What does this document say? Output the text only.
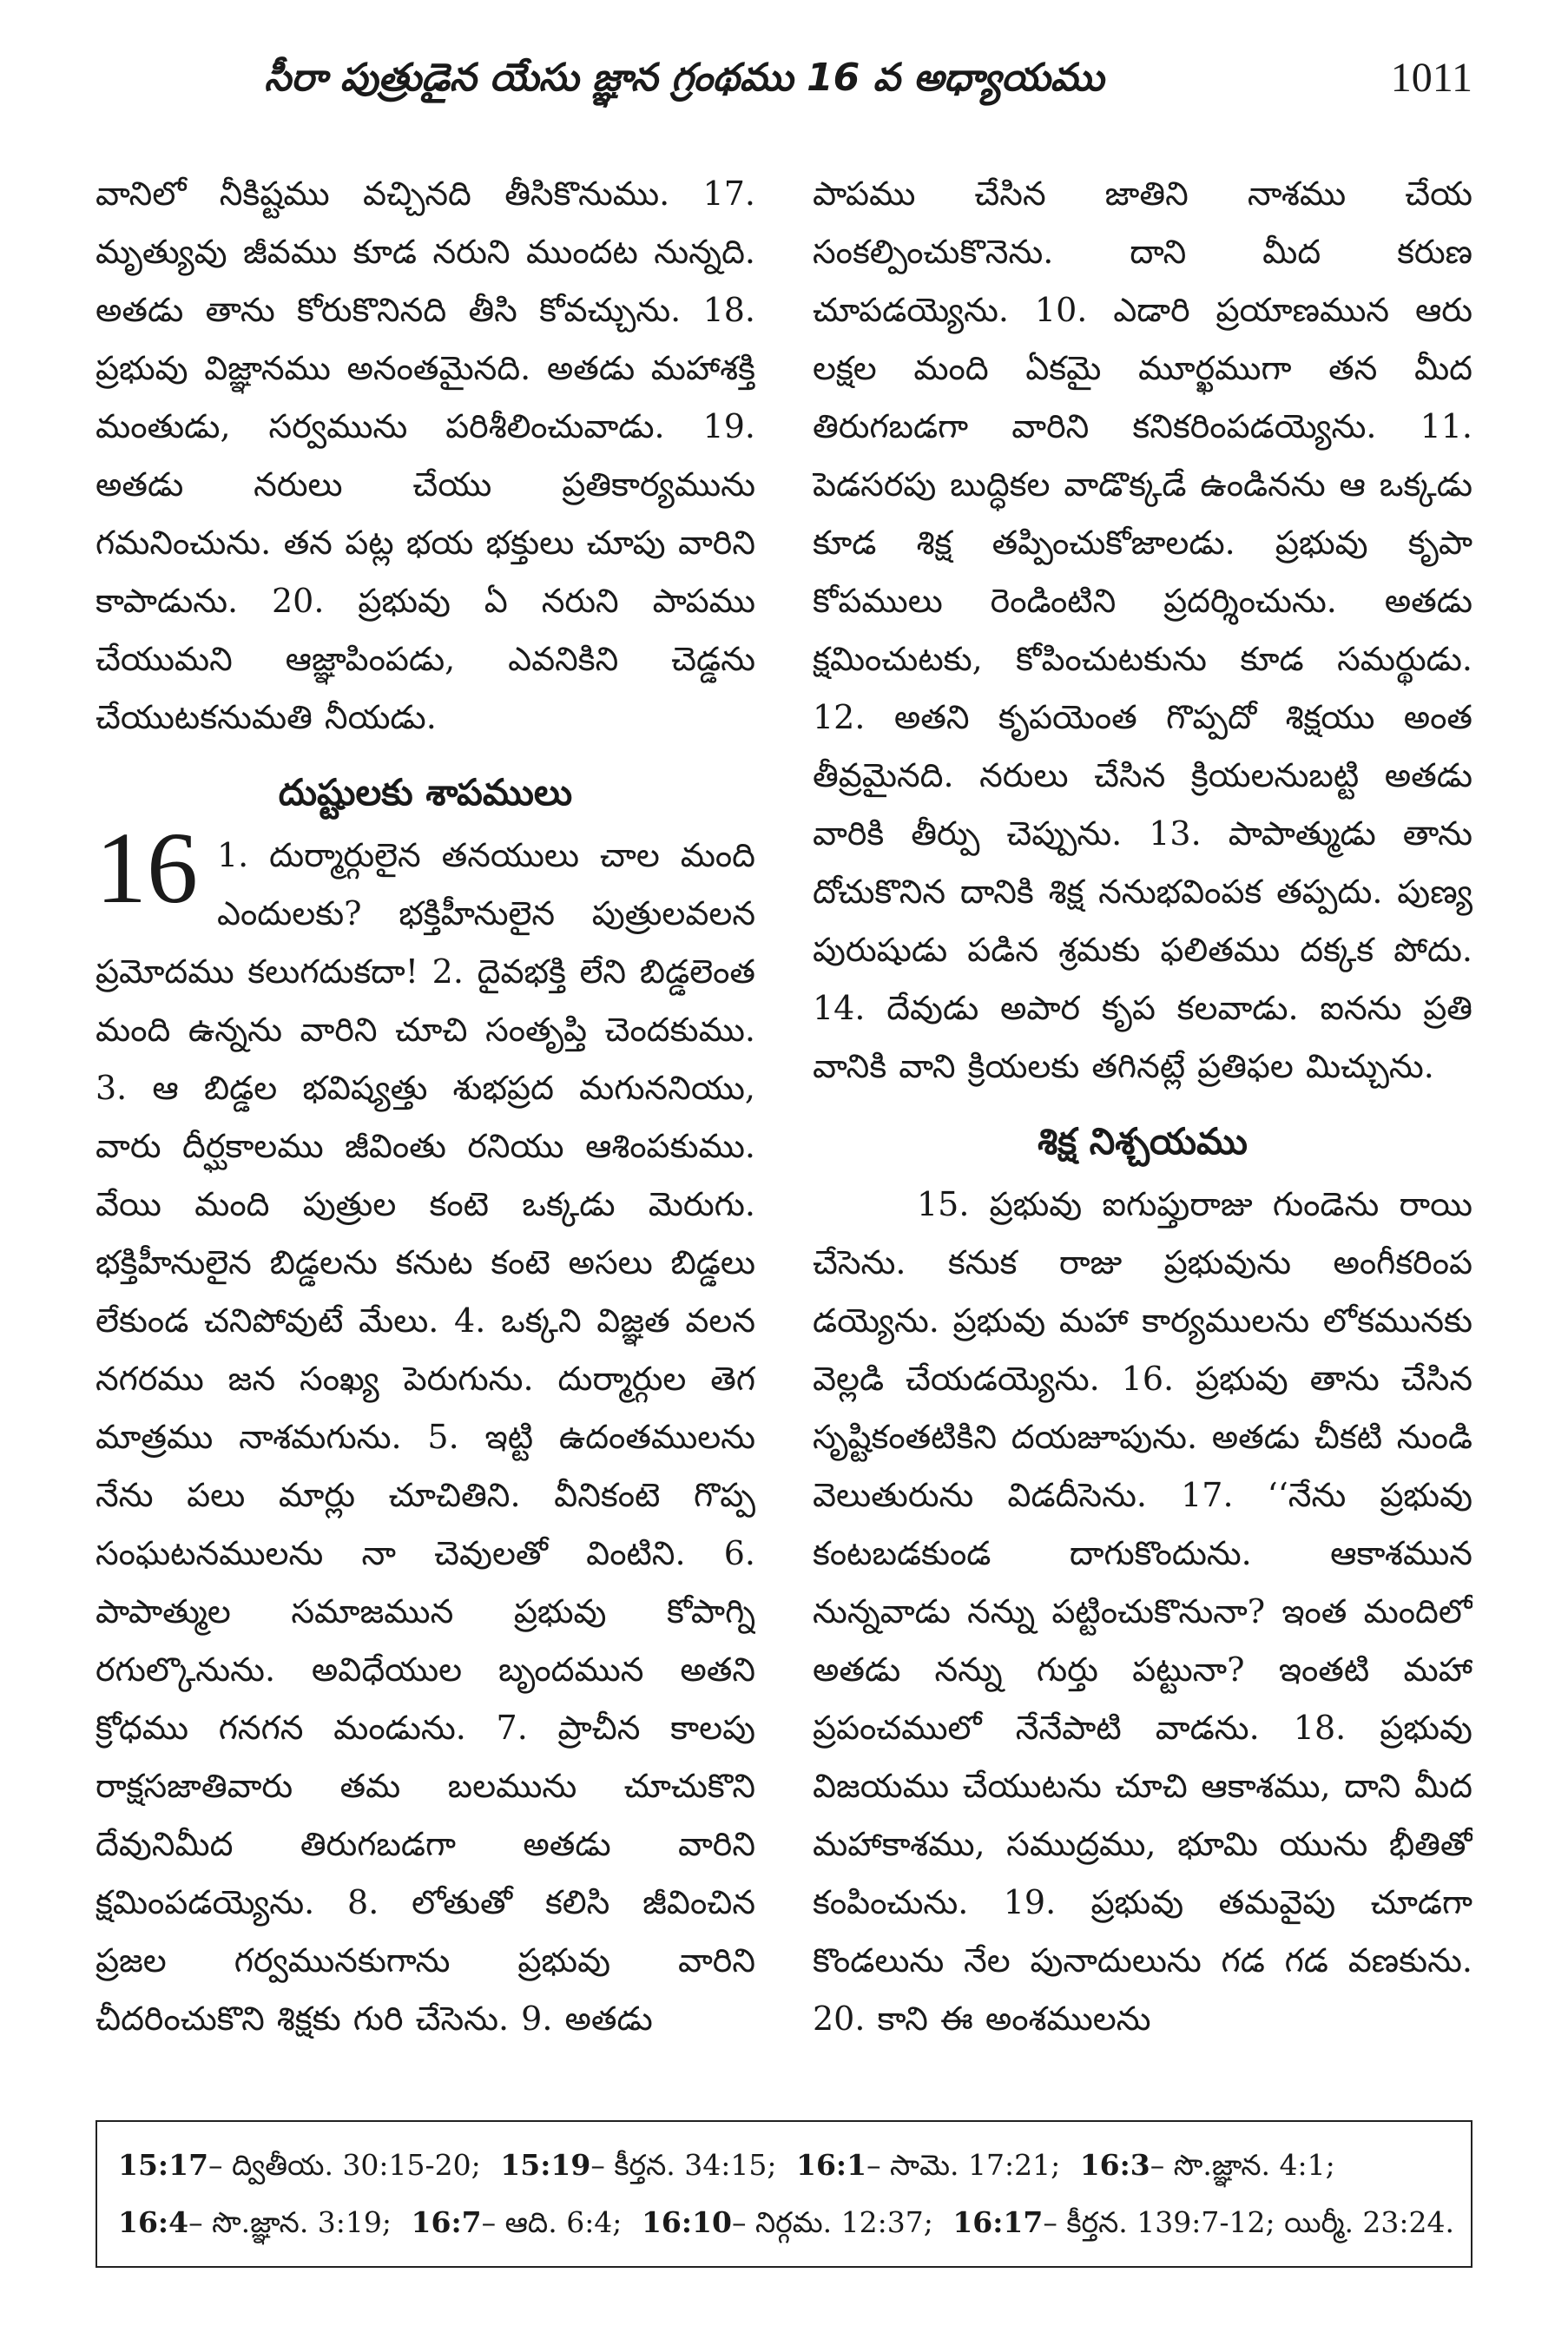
సీరా పుత్రుడైన యేసు జ్ఞాన గ్రంథము 16 వ అధ్యాయము	1011

వానిలో నీకిష్టము వచ్చినది తీసికొనుము. 17. మృత్యువు జీవము కూడ నరుని ముందట నున్నది. అతడు తాను కోరుకొనినది తీసి కోవచ్చును. 18. ప్రభువు విజ్ఞానము అనంతమైనది. అతడు మహాశక్తి మంతుడు, సర్వమును పరిశీలించువాడు. 19. అతడు నరులు చేయు ప్రతికార్యమును గమనించును. తన పట్ల భయ భక్తులు చూపు వారిని కాపాడును. 20. ప్రభువు ఏ నరుని పాపము చేయుమని ఆజ్ఞాపింపడు, ఎవనికిని చెడ్డను చేయుటకనుమతి నీయడు.

దుష్టులకు శాపములు

16 1. దుర్మార్గులైన తనయులు చాల మంది ఎందులకు? భక్తిహీనులైన పుత్రులవలన ప్రమోదము కలుగదుకదా! 2. దైవభక్తి లేని బిడ్డలెంత మంది ఉన్నను వారిని చూచి సంతృప్తి చెందకుము. 3. ఆ బిడ్డల భవిష్యత్తు శుభప్రద మగుననియు, వారు దీర్ఘకాలము జీవింతు రనియు ఆశింపకుము. వేయి మంది పుత్రుల కంటె ఒక్కడు మెరుగు. భక్తిహీనులైన బిడ్డలను కనుట కంటె అసలు బిడ్డలు లేకుండ చనిపోవుటే మేలు. 4. ఒక్కని విజ్ఞత వలన నగరము జన సంఖ్య పెరుగును. దుర్మార్గుల తెగ మాత్రము నాశమగును. 5. ఇట్టి ఉదంతములను నేను పలు మార్లు చూచితిని. వీనికంటె గొప్ప సంఘటనములను నా చెవులతో వింటిని. 6. పాపాత్ముల సమాజమున ప్రభువు కోపాగ్ని రగుల్కొనును. అవిధేయుల బృందమున అతని క్రోధము గనగన మండును. 7. ప్రాచీన కాలపు రాక్షసజాతివారు తమ బలమును చూచుకొని దేవునిమీద తిరుగబడగా అతడు వారిని క్షమింపడయ్యెను. 8. లోతుతో కలిసి జీవించిన ప్రజల గర్వమునకుగాను ప్రభువు వారిని చీదరించుకొని శిక్షకు గురి చేసెను. 9. అతడు

పాపము చేసిన జాతిని నాశము చేయ సంకల్పించుకొనెను. దాని మీద కరుణ చూపడయ్యెను. 10. ఎడారి ప్రయాణమున ఆరు లక్షల మంది ఏకమై మూర్ఖముగా తన మీద తిరుగబడగా వారిని కనికరింపడయ్యెను. 11. పెడసరపు బుద్ధికల వాడొక్కడే ఉండినను ఆ ఒక్కడు కూడ శిక్ష తప్పించుకోజాలడు. ప్రభువు కృపా కోపములు రెండింటిని ప్రదర్శించును. అతడు క్షమించుటకు, కోపించుటకును కూడ సమర్థుడు. 12. అతని కృపయెంత గొప్పదో శిక్షయు అంత తీవ్రమైనది. నరులు చేసిన క్రియలనుబట్టి అతడు వారికి తీర్పు చెప్పును. 13. పాపాత్ముడు తాను దోచుకొనిన దానికి శిక్ష ననుభవింపక తప్పదు. పుణ్య పురుషుడు పడిన శ్రమకు ఫలితము దక్కక పోదు. 14. దేవుడు అపార కృప కలవాడు. ఐనను ప్రతి వానికి వాని క్రియలకు తగినట్లే ప్రతిఫల మిచ్చును.

శిక్ష నిశ్చయము

15. ప్రభువు ఐగుప్తురాజు గుండెను రాయి చేసెను. కనుక రాజు ప్రభువును అంగీకరింప డయ్యెను. ప్రభువు మహా కార్యములను లోకమునకు వెల్లడి చేయడయ్యెను. 16. ప్రభువు తాను చేసిన సృష్టికంతటికిని దయజూపును. అతడు చీకటి నుండి వెలుతురును విడదీసెను. 17. ‘‘నేను ప్రభువు కంటబడకుండ దాగుకొందును. ఆకాశమున నున్నవాడు నన్ను పట్టించుకొనునా? ఇంత మందిలో అతడు నన్ను గుర్తు పట్టునా? ఇంతటి మహా ప్రపంచములో నేనేపాటి వాడను. 18. ప్రభువు విజయము చేయుటను చూచి ఆకాశము, దాని మీద మహాకాశము, సముద్రము, భూమి యును భీతితో కంపించును. 19. ప్రభువు తమవైపు చూడగా కొండలును నేల పునాదులును గడ గడ వణకును. 20. కాని ఈ అంశములను

15:17– ద్వితీయ. 30:15-20; 15:19– కీర్తన. 34:15; 16:1– సామె. 17:21; 16:3– సొ.జ్ఞాన. 4:1;

16:4– సొ.జ్ఞాన. 3:19; 16:7– ఆది. 6:4; 16:10– నిర్గమ. 12:37; 16:17– కీర్తన. 139:7-12; యిర్మీ. 23:24.
